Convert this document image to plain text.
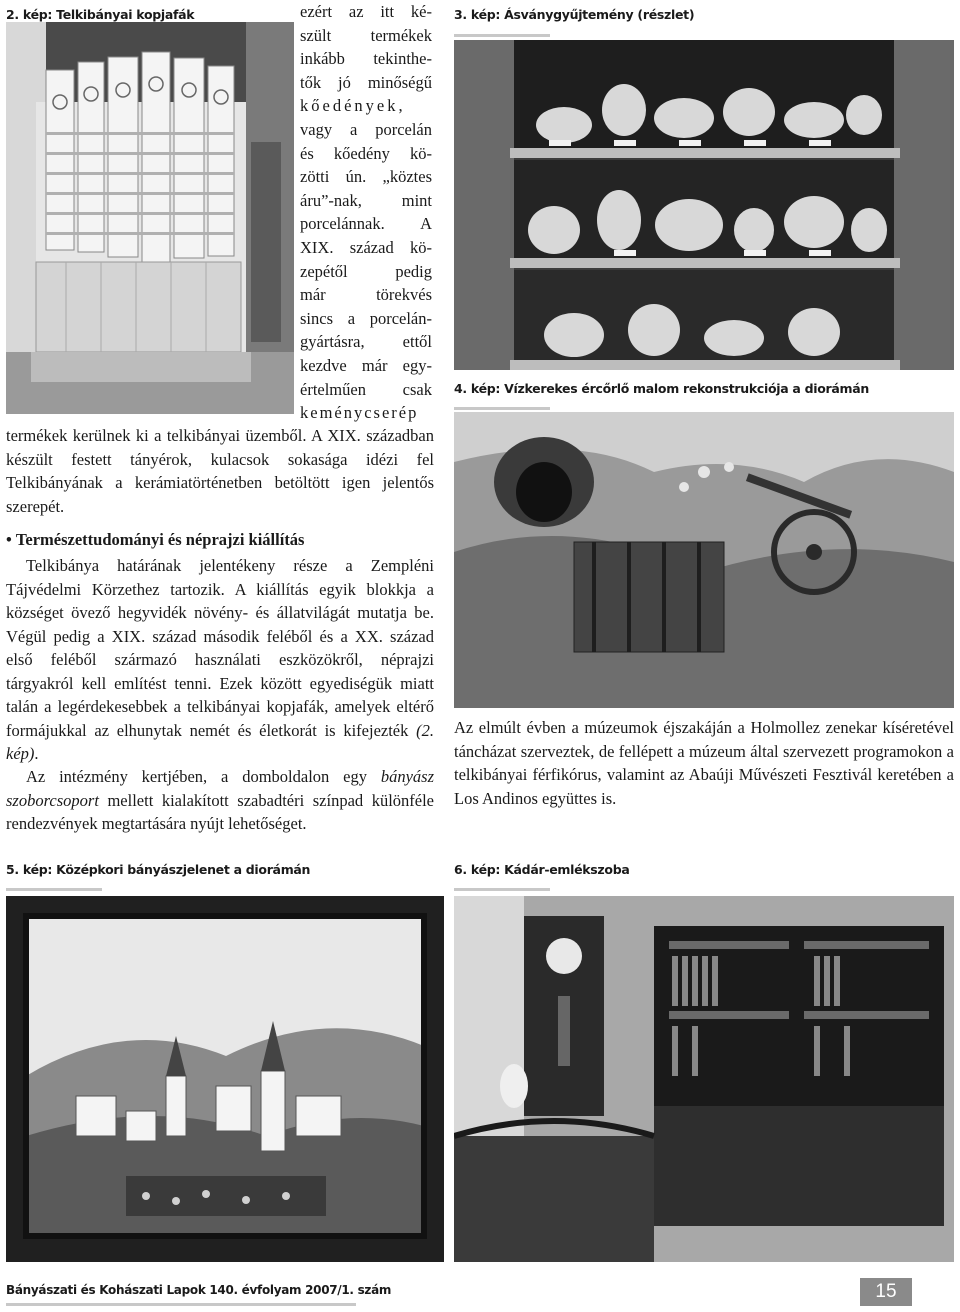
2. kép: Telkibányai kopjafák	ezért az itt ké-
szült termékek
inkább tekinthe-
tők jó minőségű
kőedények,
vagy a porcelán
és kőedény kö-
zötti ún. „köztes
áru”-nak, mint
porcelánnak. A
XIX. század kö-
zepétől pedig
már törekvés
sincs a porcelán-
gyártásra, ettől
kezdve már egy-
értelműen csak
keménycserép

termékek kerülnek ki a telkibányai üzemből. A XIX. században készült festett tányérok, kulacsok sokasága idézi fel Telkibányának a kerámiatörténetben betöltött igen jelentős szerepét.

• Természettudományi és néprajzi kiállítás

Telkibánya határának jelentékeny része a Zempléni Tájvédelmi Körzethez tartozik. A kiállítás egyik blokkja a községet övező hegyvidék növény- és állatvilágát mutatja be. Végül pedig a XIX. század második feléből és a XX. század első feléből származó használati eszközökről, néprajzi tárgyakról kell említést tenni. Ezek között egyediségük miatt talán a legérdekesebbek a telkibányai kopjafák, amelyek eltérő formájukkal az elhunytak nemét és életkorát is kifejezték (2. kép).

Az intézmény kertjében, a domboldalon egy bányász szoborcsoport mellett kialakított szabadtéri színpad különféle rendezvények megtartására nyújt lehetőséget.

3. kép: Ásványgyűjtemény (részlet)
4. kép: Vízkerekes ércőrlő malom rekonstrukciója a diorámán

Az elmúlt évben a múzeumok éjszakáján a Holmollez zenekar kíséretével táncházat szerveztek, de fellépett a múzeum által szervezett programokon a telkibányai férfikórus, valamint az Abaúji Művészeti Fesztivál keretében a Los Andinos együttes is.

5. kép: Középkori bányászjelenet a diorámán	6. kép: Kádár-emlékszoba
Bányászati és Kohászati Lapok 140. évfolyam 2007/1. szám	15
